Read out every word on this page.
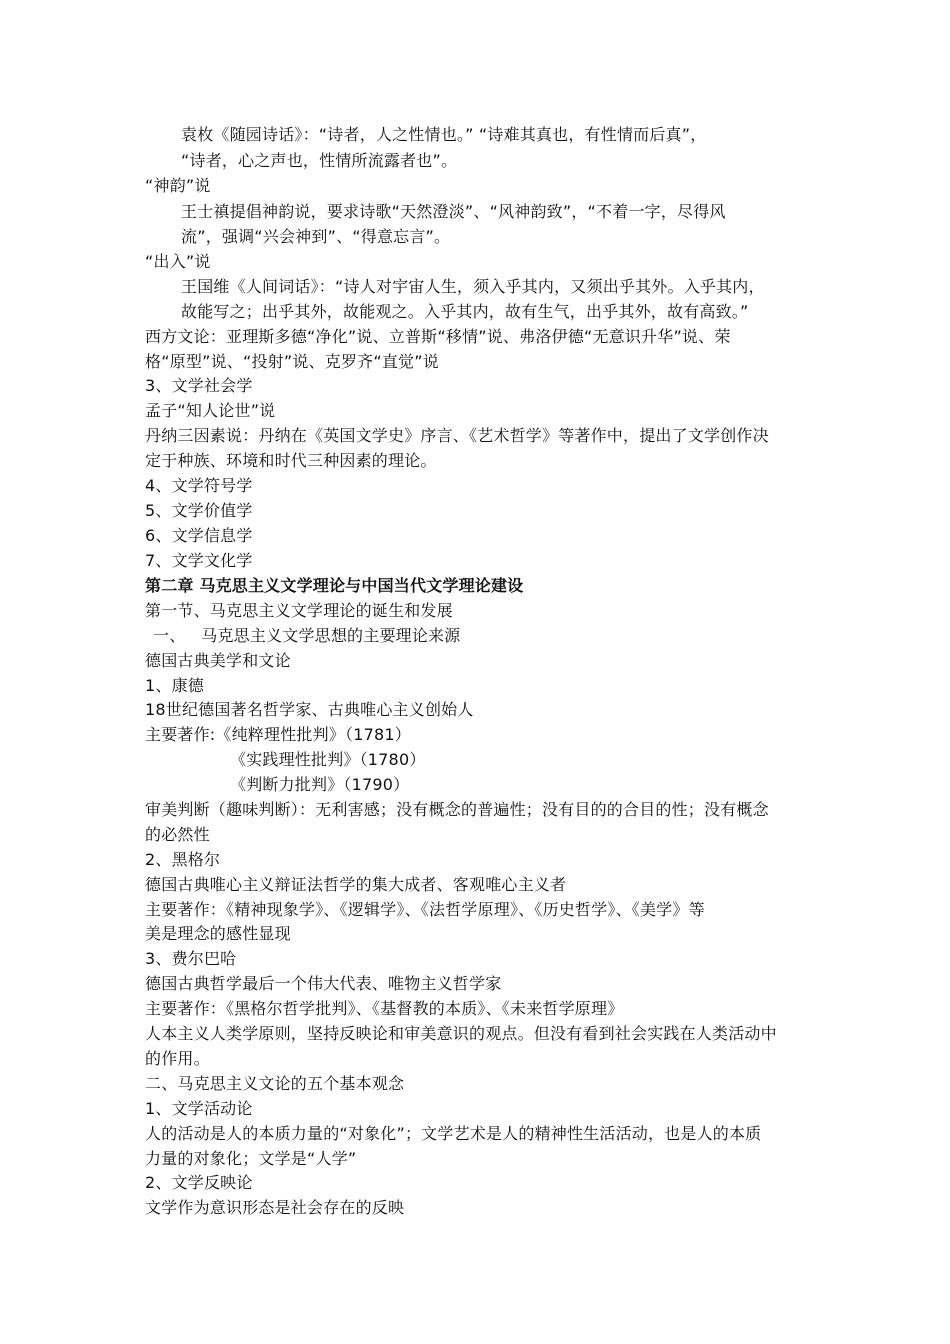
袁枚《随园诗话》：“诗者，人之性情也。” “诗难其真也，有性情而后真”，
“诗者，心之声也，性情所流露者也”。
“神韵”说
王士禛提倡神韵说，要求诗歌“天然澄淡”、“风神韵致”，“不着一字，尽得风
流”，强调“兴会神到”、“得意忘言”。
“出入”说
王国维《人间词话》：“诗人对宇宙人生，须入乎其内，又须出乎其外。入乎其内，
故能写之；出乎其外，故能观之。入乎其内，故有生气，出乎其外，故有高致。”
西方文论：亚理斯多德“净化”说、立普斯“移情”说、弗洛伊德“无意识升华”说、荣
格“原型”说、“投射”说、克罗齐“直觉”说
3、文学社会学
孟子“知人论世”说
丹纳三因素说：丹纳在《英国文学史》序言、《艺术哲学》等著作中，提出了文学创作决
定于种族、环境和时代三种因素的理论。
4、文学符号学
5、文学价值学
6、文学信息学
7、文学文化学
第二章 马克思主义文学理论与中国当代文学理论建设
第一节、马克思主义文学理论的诞生和发展
一、   马克思主义文学思想的主要理论来源
德国古典美学和文论
1、康德
18世纪德国著名哲学家、古典唯心主义创始人
主要著作:《纯粹理性批判》（1781）
《实践理性批判》（1780）
《判断力批判》（1790）
审美判断（趣味判断）：无利害感；没有概念的普遍性；没有目的的合目的性；没有概念
的必然性
2、黑格尔
德国古典唯心主义辩证法哲学的集大成者、客观唯心主义者
主要著作：《精神现象学》、《逻辑学》、《法哲学原理》、《历史哲学》、《美学》等
美是理念的感性显现
3、费尔巴哈
德国古典哲学最后一个伟大代表、唯物主义哲学家
主要著作：《黑格尔哲学批判》、《基督教的本质》、《未来哲学原理》
人本主义人类学原则，坚持反映论和审美意识的观点。但没有看到社会实践在人类活动中
的作用。
二、马克思主义文论的五个基本观念
1、文学活动论
人的活动是人的本质力量的“对象化”；文学艺术是人的精神性生活活动，也是人的本质
力量的对象化；文学是“人学”
2、文学反映论
文学作为意识形态是社会存在的反映
